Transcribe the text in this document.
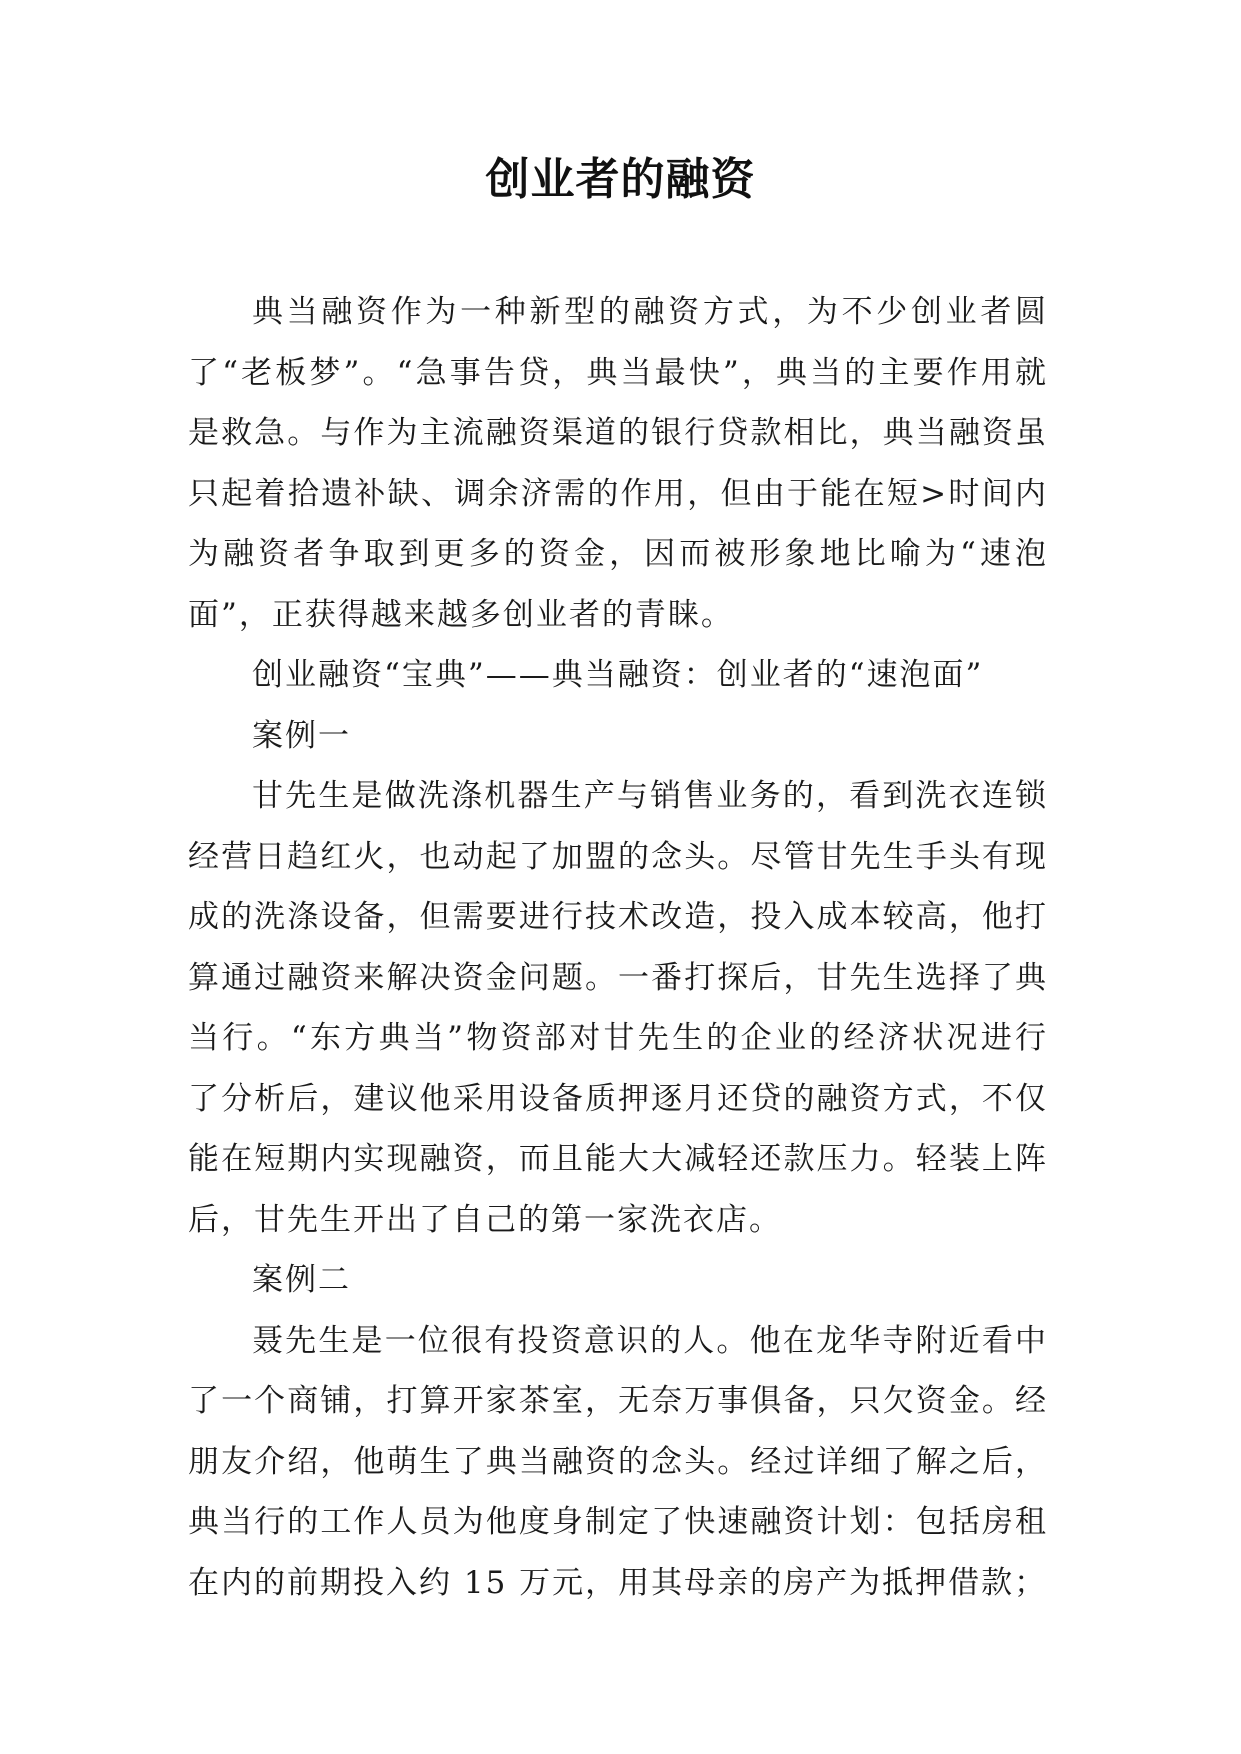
创业者的融资

典当融资作为一种新型的融资方式，为不少创业者圆了“老板梦”。“急事告贷，典当最快”，典当的主要作用就是救急。与作为主流融资渠道的银行贷款相比，典当融资虽只起着拾遗补缺、调余济需的作用，但由于能在短>时间内为融资者争取到更多的资金，因而被形象地比喻为“速泡面”，正获得越来越多创业者的青睐。

创业融资“宝典”——典当融资：创业者的“速泡面”

案例一

甘先生是做洗涤机器生产与销售业务的，看到洗衣连锁经营日趋红火，也动起了加盟的念头。尽管甘先生手头有现成的洗涤设备，但需要进行技术改造，投入成本较高，他打算通过融资来解决资金问题。一番打探后，甘先生选择了典当行。“东方典当”物资部对甘先生的企业的经济状况进行了分析后，建议他采用设备质押逐月还贷的融资方式，不仅能在短期内实现融资，而且能大大减轻还款压力。轻装上阵后，甘先生开出了自己的第一家洗衣店。

案例二

聂先生是一位很有投资意识的人。他在龙华寺附近看中了一个商铺，打算开家茶室，无奈万事俱备，只欠资金。经朋友介绍，他萌生了典当融资的念头。经过详细了解之后，典当行的工作人员为他度身制定了快速融资计划：包括房租在内的前期投入约 15 万元，用其母亲的房产为抵押借款；
